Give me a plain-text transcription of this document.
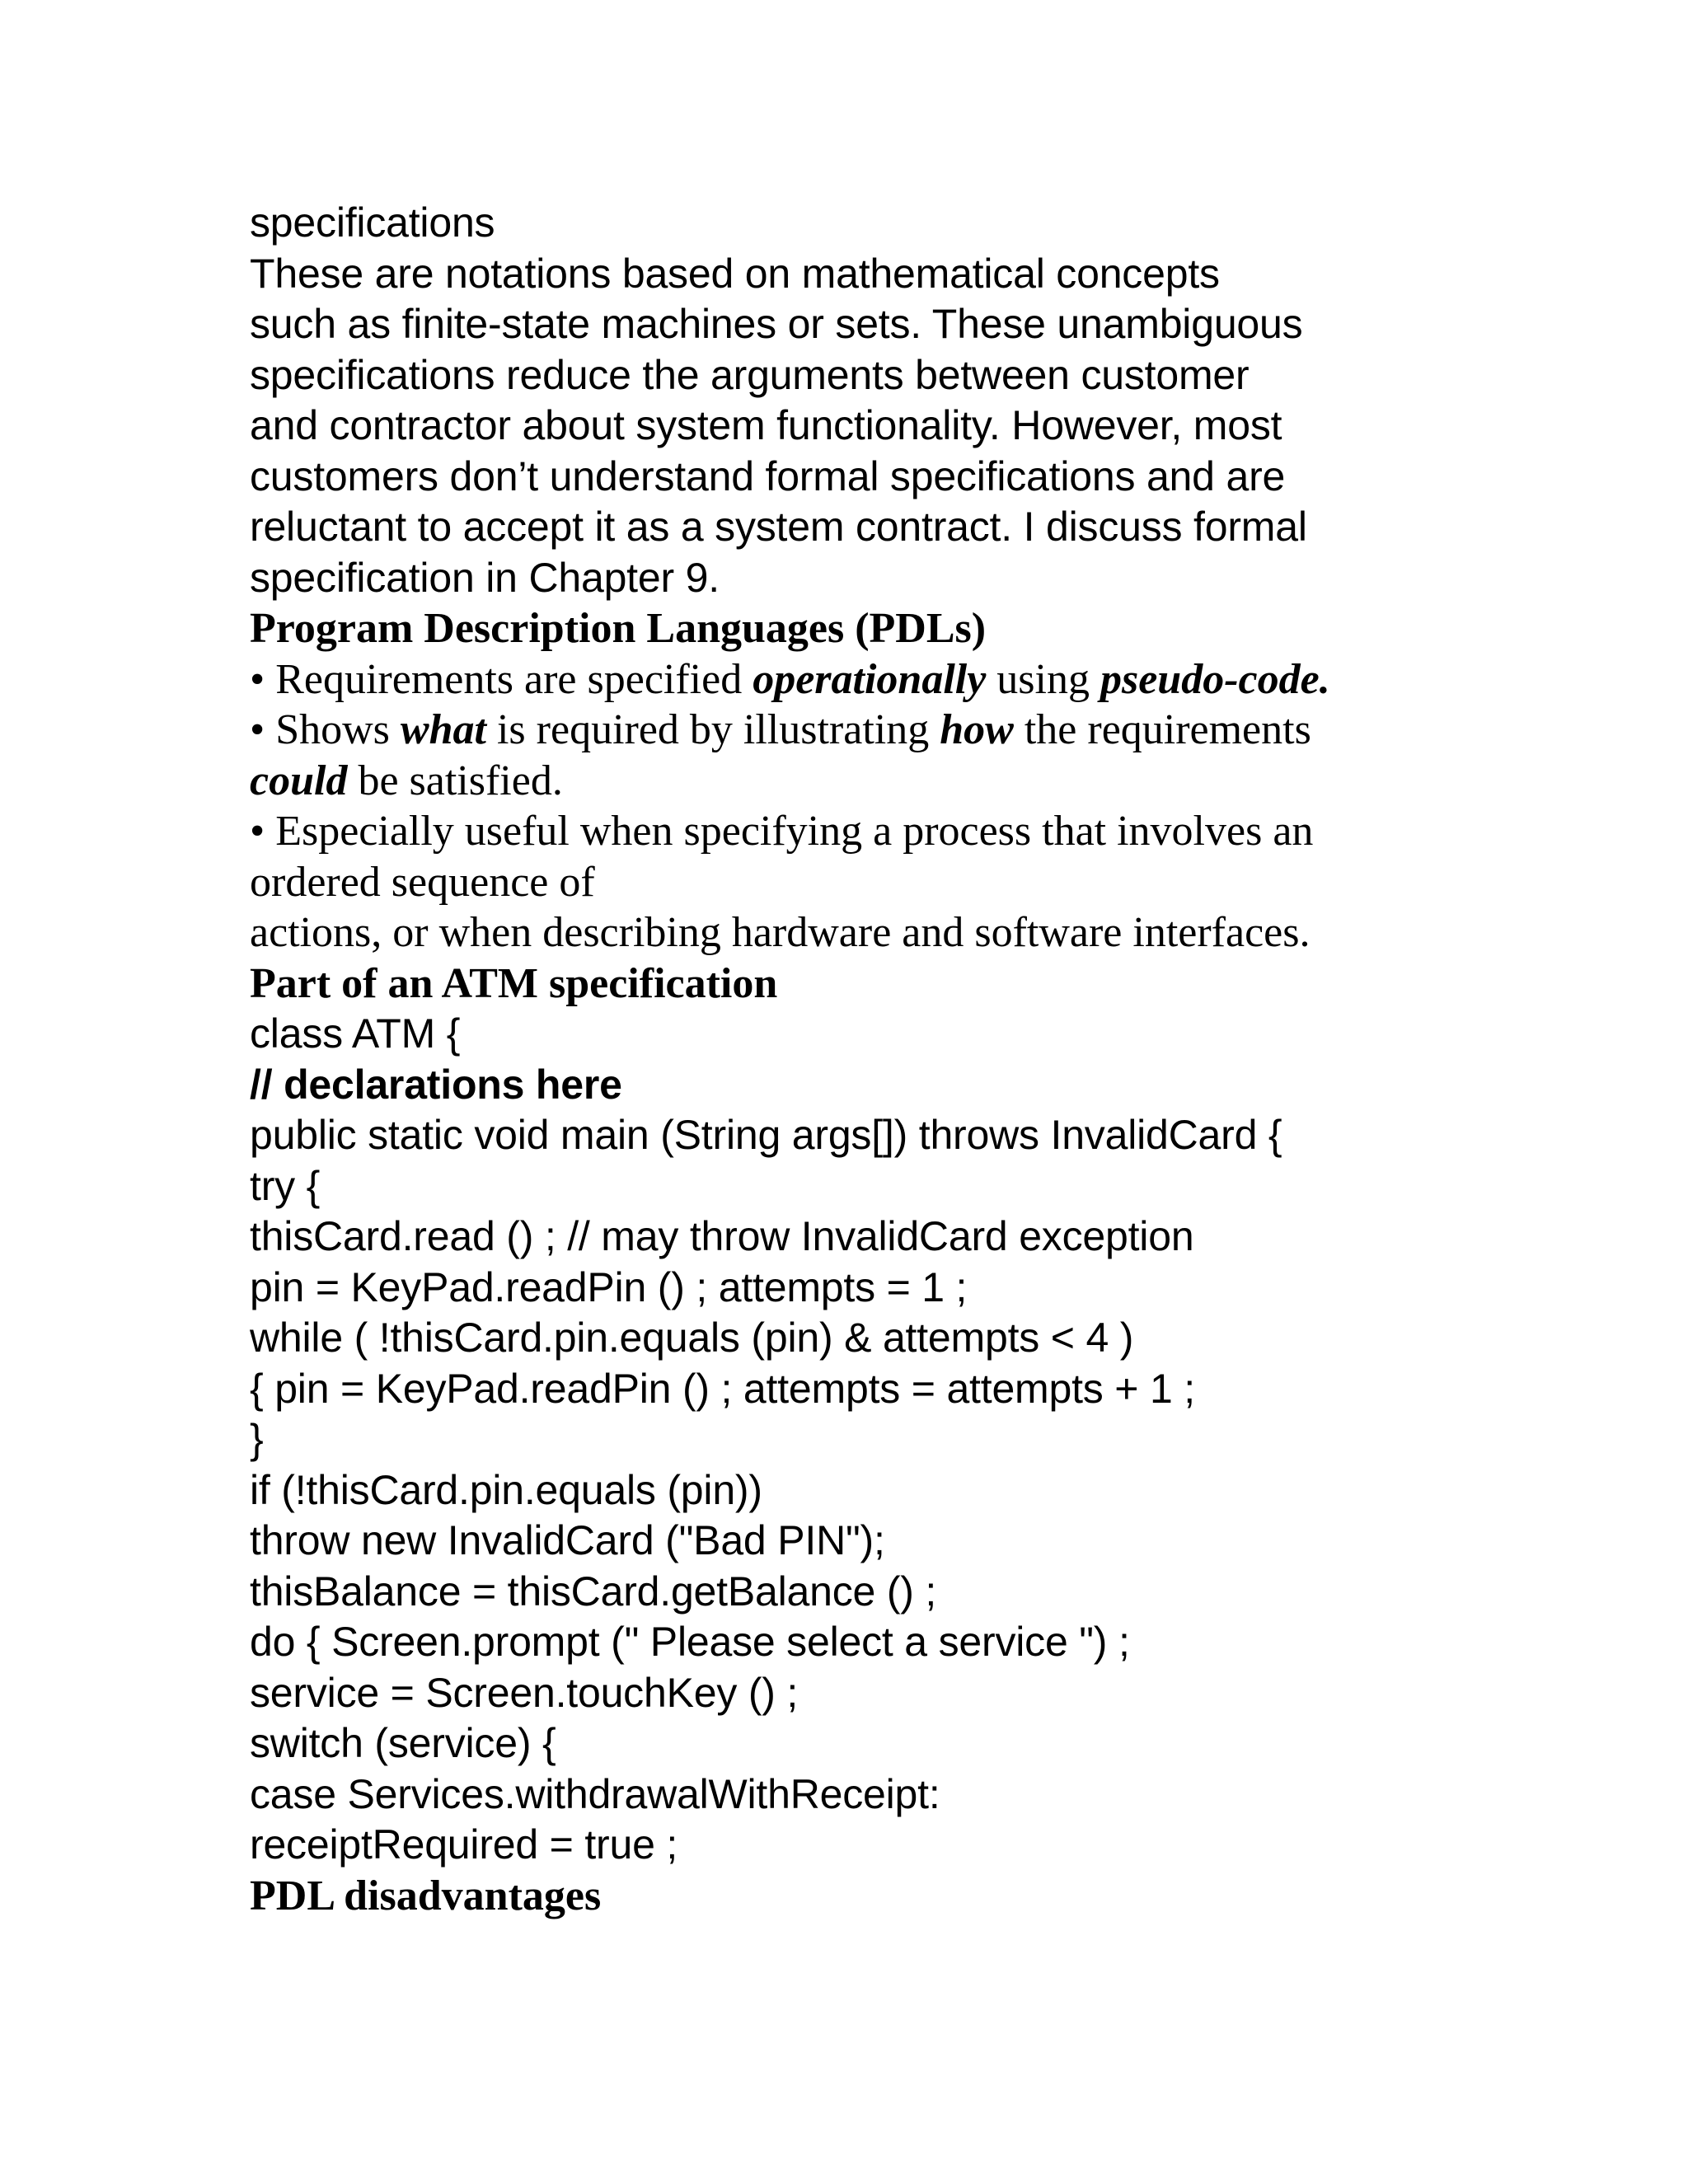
specifications
These are notations based on mathematical concepts
such as finite-state machines or sets. These unambiguous
specifications reduce the arguments between customer
and contractor about system functionality. However, most
customers don’t understand formal specifications and are
reluctant to accept it as a system contract. I discuss formal
specification in Chapter 9.
Program Description Languages (PDLs)
• Requirements are specified operationally using pseudo-code.
• Shows what is required by illustrating how the requirements
could be satisfied.
• Especially useful when specifying a process that involves an
ordered sequence of
actions, or when describing hardware and software interfaces.
Part of an ATM specification
class ATM {
// declarations here
public static void main (String args[]) throws InvalidCard {
try {
thisCard.read () ; // may throw InvalidCard exception
pin = KeyPad.readPin () ; attempts = 1 ;
while ( !thisCard.pin.equals (pin) & attempts < 4 )
{ pin = KeyPad.readPin () ; attempts = attempts + 1 ;
}
if (!thisCard.pin.equals (pin))
throw new InvalidCard ("Bad PIN");
thisBalance = thisCard.getBalance () ;
do { Screen.prompt (" Please select a service ") ;
service = Screen.touchKey () ;
switch (service) {
case Services.withdrawalWithReceipt:
receiptRequired = true ;
PDL disadvantages
